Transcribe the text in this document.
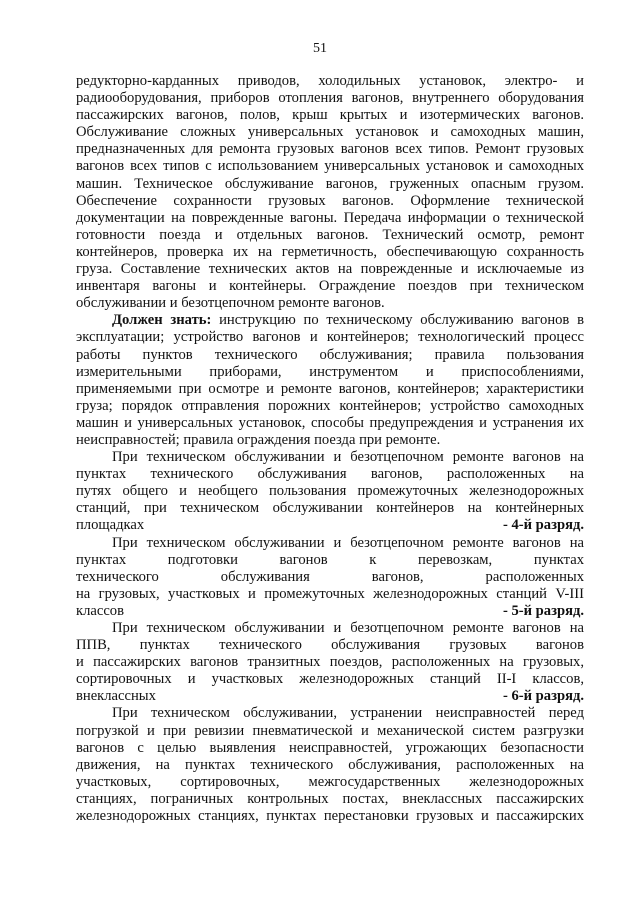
51
редукторно-карданных приводов, холодильных установок, электро- и
радиооборудования, приборов отопления вагонов, внутреннего оборудования
пассажирских вагонов, полов, крыш крытых и изотермических вагонов.
Обслуживание сложных универсальных установок и самоходных машин,
предназначенных для ремонта грузовых вагонов всех типов. Ремонт грузовых
вагонов всех типов с использованием универсальных установок и самоходных
машин. Техническое обслуживание вагонов, груженных опасным грузом.
Обеспечение сохранности грузовых вагонов. Оформление технической
документации на поврежденные вагоны. Передача информации о технической
готовности поезда и отдельных вагонов. Технический осмотр, ремонт
контейнеров, проверка их на герметичность, обеспечивающую сохранность
груза. Составление технических актов на поврежденные и исключаемые из
инвентаря вагоны и контейнеры. Ограждение поездов при техническом
обслуживании и безотцепочном ремонте вагонов.
Должен знать: инструкцию по техническому обслуживанию вагонов в
эксплуатации; устройство вагонов и контейнеров; технологический процесс
работы пунктов технического обслуживания; правила пользования
измерительными приборами, инструментом и приспособлениями,
применяемыми при осмотре и ремонте вагонов, контейнеров; характеристики
груза; порядок отправления порожних контейнеров; устройство самоходных
машин и универсальных установок, способы предупреждения и устранения их
неисправностей; правила ограждения поезда при ремонте.
При техническом обслуживании и безотцепочном ремонте вагонов на
пунктах технического обслуживания вагонов, расположенных на
путях общего и необщего пользования промежуточных железнодорожных
станций, при техническом обслуживании контейнеров на контейнерных
площадках	- 4-й разряд.
При техническом обслуживании и безотцепочном ремонте вагонов на
пунктах подготовки вагонов к перевозкам, пунктах
технического обслуживания вагонов, расположенных
на грузовых, участковых и промежуточных железнодорожных станций V-III
классов	- 5-й разряд.
При техническом обслуживании и безотцепочном ремонте вагонов на
ППВ, пунктах технического обслуживания грузовых вагонов
и пассажирских вагонов транзитных поездов, расположенных на грузовых,
сортировочных и участковых железнодорожных станций II-I классов,
внеклассных	- 6-й разряд.
При техническом обслуживании, устранении неисправностей перед
погрузкой и при ревизии пневматической и механической систем разгрузки
вагонов с целью выявления неисправностей, угрожающих безопасности
движения, на пунктах технического обслуживания, расположенных на
участковых, сортировочных, межгосударственных железнодорожных
станциях, пограничных контрольных постах, внеклассных пассажирских
железнодорожных станциях, пунктах перестановки грузовых и пассажирских
